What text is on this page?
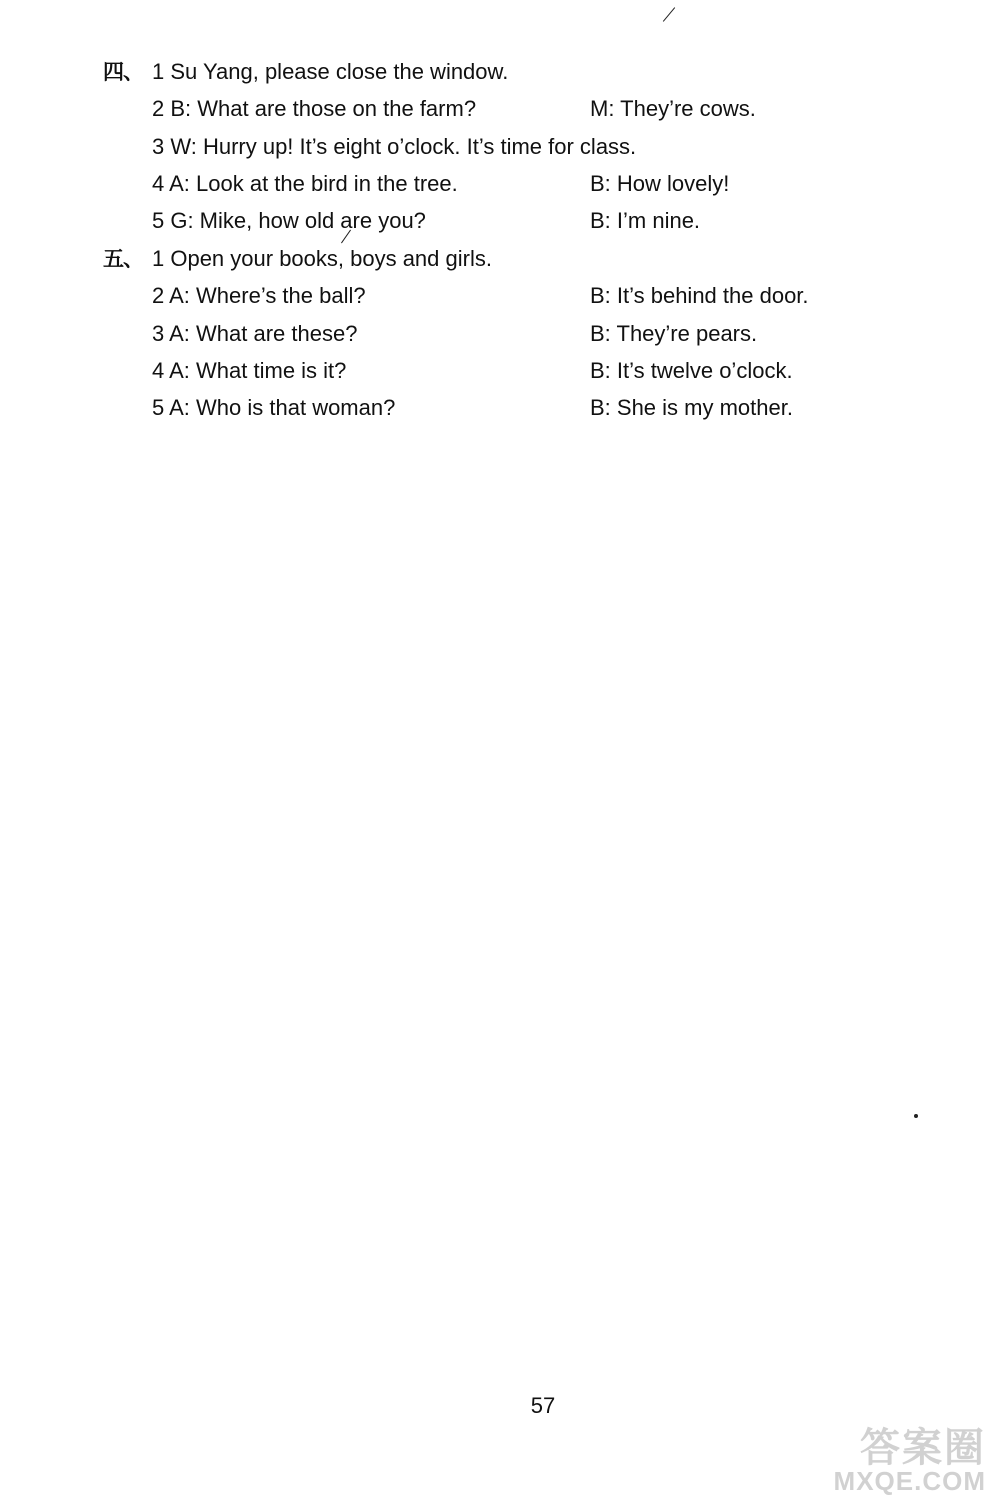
四、 1 Su Yang, please close the window.
2 B: What are those on the farm?	M: They’re cows.
3 W: Hurry up! It’s eight o’clock. It’s time for class.
4 A: Look at the bird in the tree.	B: How lovely!
5 G: Mike, how old are you?	B: I’m nine.
五、 1 Open your books, boys and girls.
2 A: Where’s the ball?	B: It’s behind the door.
3 A: What are these?	B: They’re pears.
4 A: What time is it?	B: It’s twelve o’clock.
5 A: Who is that woman?	B: She is my mother.
57
答案圈
MXQE.COM
